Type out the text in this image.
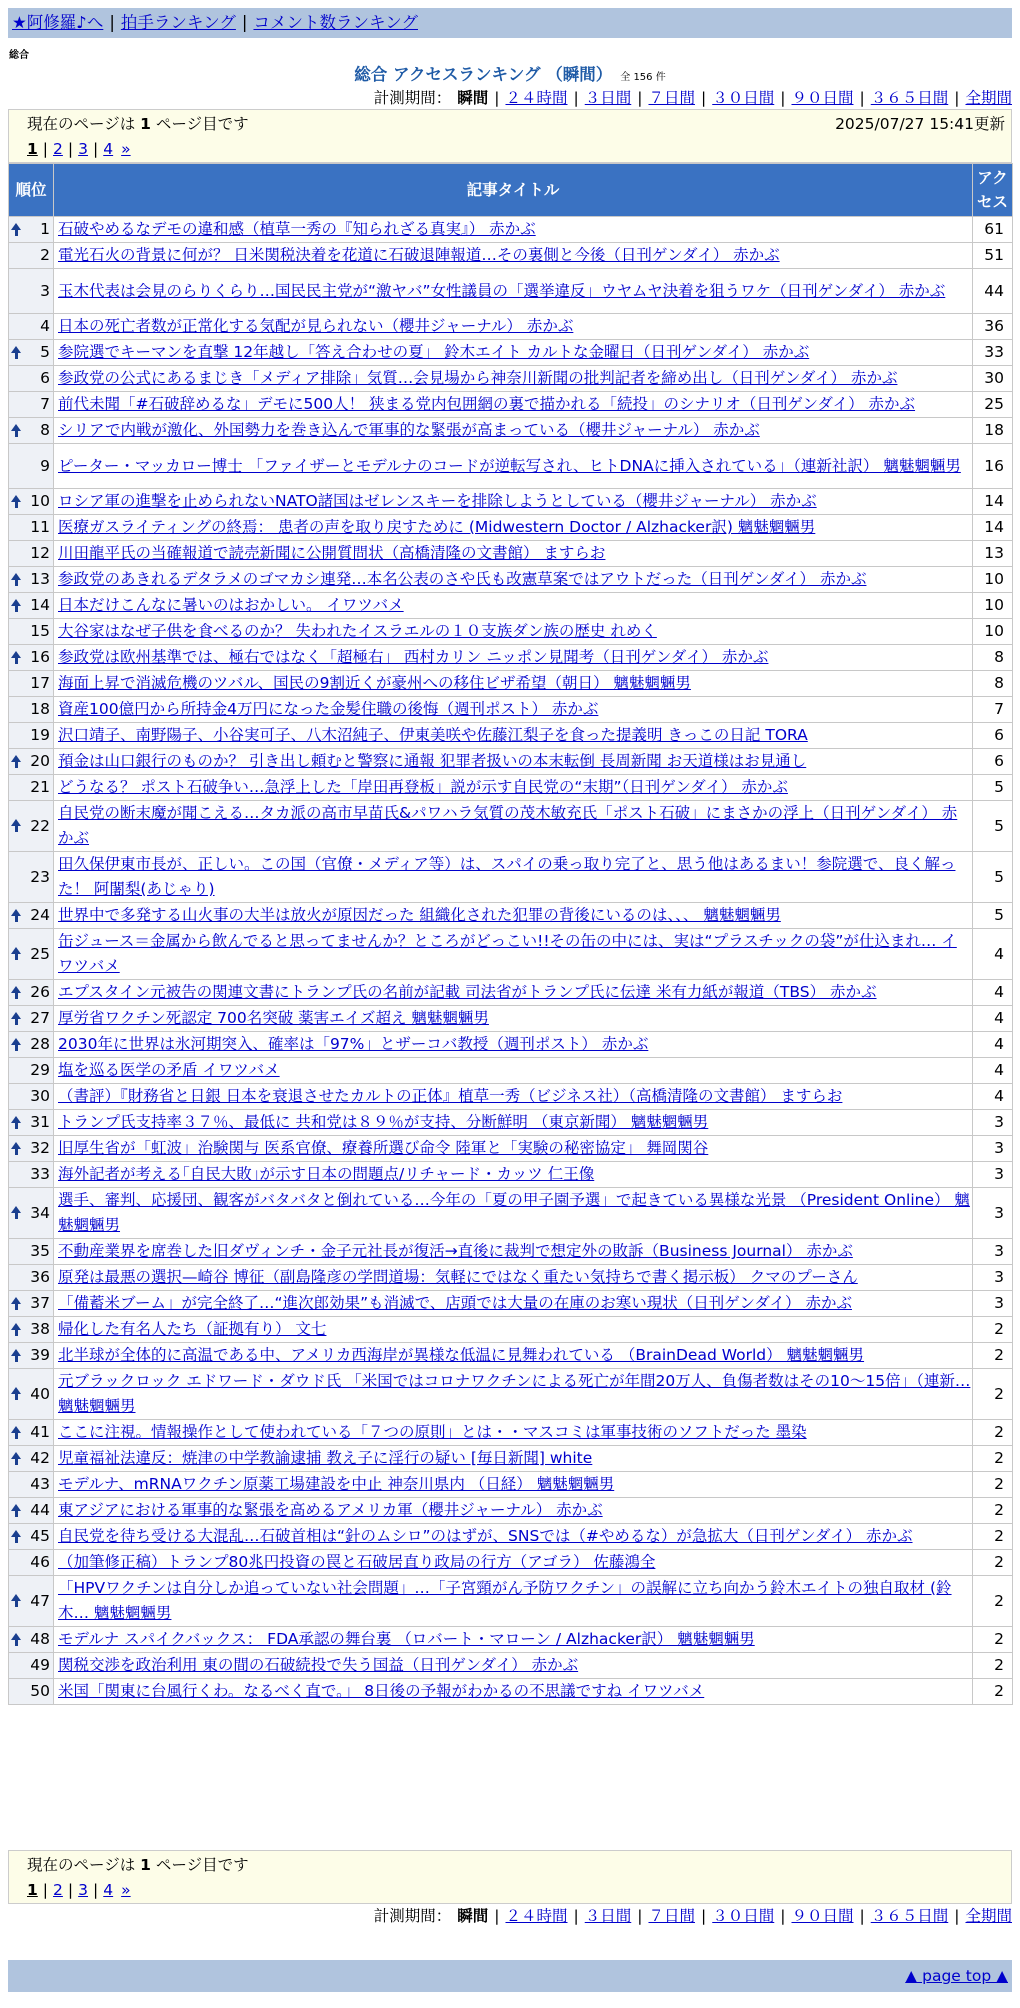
★阿修羅♪へ | 拍手ランキング | コメント数ランキング
総合
総合 アクセスランキング （瞬間） 全 156 件
計測期間： 瞬間 | ２４時間 | ３日間 | ７日間 | ３０日間 | ９０日間 | ３６５日間 | 全期間
現在のページは 1 ページ目です	2025/07/27 15:41更新
1 | 2 | 3 | 4 »
順位	記事タイトル	アクセス

1	石破やめるなデモの違和感（植草一秀の『知られざる真実』） 赤かぶ	61
2	電光石火の背景に何が？ 日米関税決着を花道に石破退陣報道…その裏側と今後（日刊ゲンダイ） 赤かぶ	51
3	玉木代表は会見のらりくらり…国民民主党が“激ヤバ”女性議員の「選挙違反」ウヤムヤ決着を狙うワケ（日刊ゲンダイ） 赤かぶ	44
4	日本の死亡者数が正常化する気配が見られない（櫻井ジャーナル） 赤かぶ	36

5	参院選でキーマンを直撃 12年越し「答え合わせの夏」 鈴木エイト カルトな金曜日（日刊ゲンダイ） 赤かぶ	33
6	参政党の公式にあるまじき「メディア排除」気質…会見場から神奈川新聞の批判記者を締め出し（日刊ゲンダイ） 赤かぶ	30
7	前代未聞「#石破辞めるな」デモに500人！ 狭まる党内包囲網の裏で描かれる「続投」のシナリオ（日刊ゲンダイ） 赤かぶ	25

8	シリアで内戦が激化、外国勢力を巻き込んで軍事的な緊張が高まっている（櫻井ジャーナル） 赤かぶ	18
9	ピーター・マッカロー博士 「ファイザーとモデルナのコードが逆転写され、ヒトDNAに挿入されている」（連新社訳） 魑魅魍魎男	16

10	ロシア軍の進撃を止められないNATO諸国はゼレンスキーを排除しようとしている（櫻井ジャーナル） 赤かぶ	14
11	医療ガスライティングの終焉： 患者の声を取り戻すために (Midwestern Doctor / Alzhacker訳) 魑魅魍魎男	14
12	川田龍平氏の当確報道で読売新聞に公開質問状（高橋清隆の文書館） ますらお	13

13	参政党のあきれるデタラメのゴマカシ連発…本名公表のさや氏も改憲草案ではアウトだった（日刊ゲンダイ） 赤かぶ	10

14	日本だけこんなに暑いのはおかしい。 イワツバメ	10
15	大谷家はなぜ子供を食べるのか？ 失われたイスラエルの１０支族ダン族の歴史 れめく	10

16	参政党は欧州基準では、極右ではなく「超極右」 西村カリン ニッポン見聞考（日刊ゲンダイ） 赤かぶ	8
17	海面上昇で消滅危機のツバル、国民の9割近くが豪州への移住ビザ希望（朝日） 魑魅魍魎男	8
18	資産100億円から所持金4万円になった金髪住職の後悔（週刊ポスト） 赤かぶ	7
19	沢口靖子、南野陽子、小谷実可子、八木沼純子、伊東美咲や佐藤江梨子を食った提義明 きっこの日記 TORA	6

20	預金は山口銀行のものか？ 引き出し頼むと警察に通報 犯罪者扱いの本末転倒 長周新聞 お天道様はお見通し	6
21	どうなる？ ポスト石破争い…急浮上した「岸田再登板」説が示す自民党の“末期”（日刊ゲンダイ） 赤かぶ	5

22	自民党の断末魔が聞こえる…タカ派の高市早苗氏&パワハラ気質の茂木敏充氏「ポスト石破」にまさかの浮上（日刊ゲンダイ） 赤かぶ	5
23	田久保伊東市長が、正しい。この国（官僚・メディア等）は、スパイの乗っ取り完了と、思う他はあるまい！参院選で、良く解った！ 阿闍梨(あじゃり)	5

24	世界中で多発する山火事の大半は放火が原因だった 組織化された犯罪の背後にいるのは、、、 魑魅魍魎男	5

25	缶ジュース＝金属から飲んでると思ってませんか？ところがどっこい!!その缶の中には、実は“プラスチックの袋”が仕込まれ… イワツバメ	4

26	エプスタイン元被告の関連文書にトランプ氏の名前が記載 司法省がトランプ氏に伝達 米有力紙が報道（TBS） 赤かぶ	4

27	厚労省ワクチン死認定 700名突破 薬害エイズ超え 魑魅魍魎男	4

28	2030年に世界は氷河期突入、確率は「97%」とザーコバ教授（週刊ポスト） 赤かぶ	4
29	塩を巡る医学の矛盾 イワツバメ	4
30	（書評）『財務省と日銀 日本を衰退させたカルトの正体』植草一秀（ビジネス社）（高橋清隆の文書館） ますらお	4

31	トランプ氏支持率３７％、最低に 共和党は８９％が支持、分断鮮明 （東京新聞） 魑魅魍魎男	3

32	旧厚生省が「虹波」治験関与 医系官僚、療養所選び命令 陸軍と「実験の秘密協定」 舞岡関谷	3
33	海外記者が考える｢自民大敗｣が示す日本の問題点/リチャード・カッツ 仁王像	3

34	選手、審判、応援団、観客がバタバタと倒れている…今年の「夏の甲子園予選」で起きている異様な光景 （President Online） 魑魅魍魎男	3
35	不動産業界を席巻した旧ダヴィンチ・金子元社長が復活→直後に裁判で想定外の敗訴（Business Journal） 赤かぶ	3
36	原発は最悪の選択—崎谷 博征（副島隆彦の学問道場：気軽にではなく重たい気持ちで書く掲示板） クマのプーさん	3

37	「備蓄米ブーム」が完全終了…“進次郎効果”も消滅で、店頭では大量の在庫のお寒い現状（日刊ゲンダイ） 赤かぶ	3

38	帰化した有名人たち（証拠有り） 文七	2

39	北半球が全体的に高温である中、アメリカ西海岸が異様な低温に見舞われている （BrainDead World） 魑魅魍魎男	2

40	元ブラックロック エドワード・ダウド氏 「米国ではコロナワクチンによる死亡が年間20万人、負傷者数はその10～15倍」（連新… 魑魅魍魎男	2

41	ここに注視。情報操作として使われている「７つの原則」とは・・マスコミは軍事技術のソフトだった 墨染	2

42	児童福祉法違反：焼津の中学教諭逮捕 教え子に淫行の疑い [毎日新聞] white	2
43	モデルナ、mRNAワクチン原薬工場建設を中止 神奈川県内 （日経） 魑魅魍魎男	2

44	東アジアにおける軍事的な緊張を高めるアメリカ軍（櫻井ジャーナル） 赤かぶ	2

45	自民党を待ち受ける大混乱…石破首相は“針のムシロ”のはずが、SNSでは（#やめるな）が急拡大（日刊ゲンダイ） 赤かぶ	2
46	（加筆修正稿）トランプ80兆円投資の罠と石破居直り政局の行方（アゴラ） 佐藤鴻全	2

47	「HPVワクチンは自分しか追っていない社会問題」…「子宮頸がん予防ワクチン」の誤解に立ち向かう鈴木エイトの独自取材 (鈴木… 魑魅魍魎男	2

48	モデルナ スパイクバックス： FDA承認の舞台裏 （ロバート・マローン / Alzhacker訳） 魑魅魍魎男	2
49	関税交渉を政治利用 東の間の石破続投で失う国益（日刊ゲンダイ） 赤かぶ	2
50	米国「関東に台風行くわ。なるべく直で。」 8日後の予報がわかるの不思議ですね イワツバメ	2
現在のページは 1 ページ目です
1 | 2 | 3 | 4 »
計測期間： 瞬間 | ２４時間 | ３日間 | ７日間 | ３０日間 | ９０日間 | ３６５日間 | 全期間
▲ page top ▲
